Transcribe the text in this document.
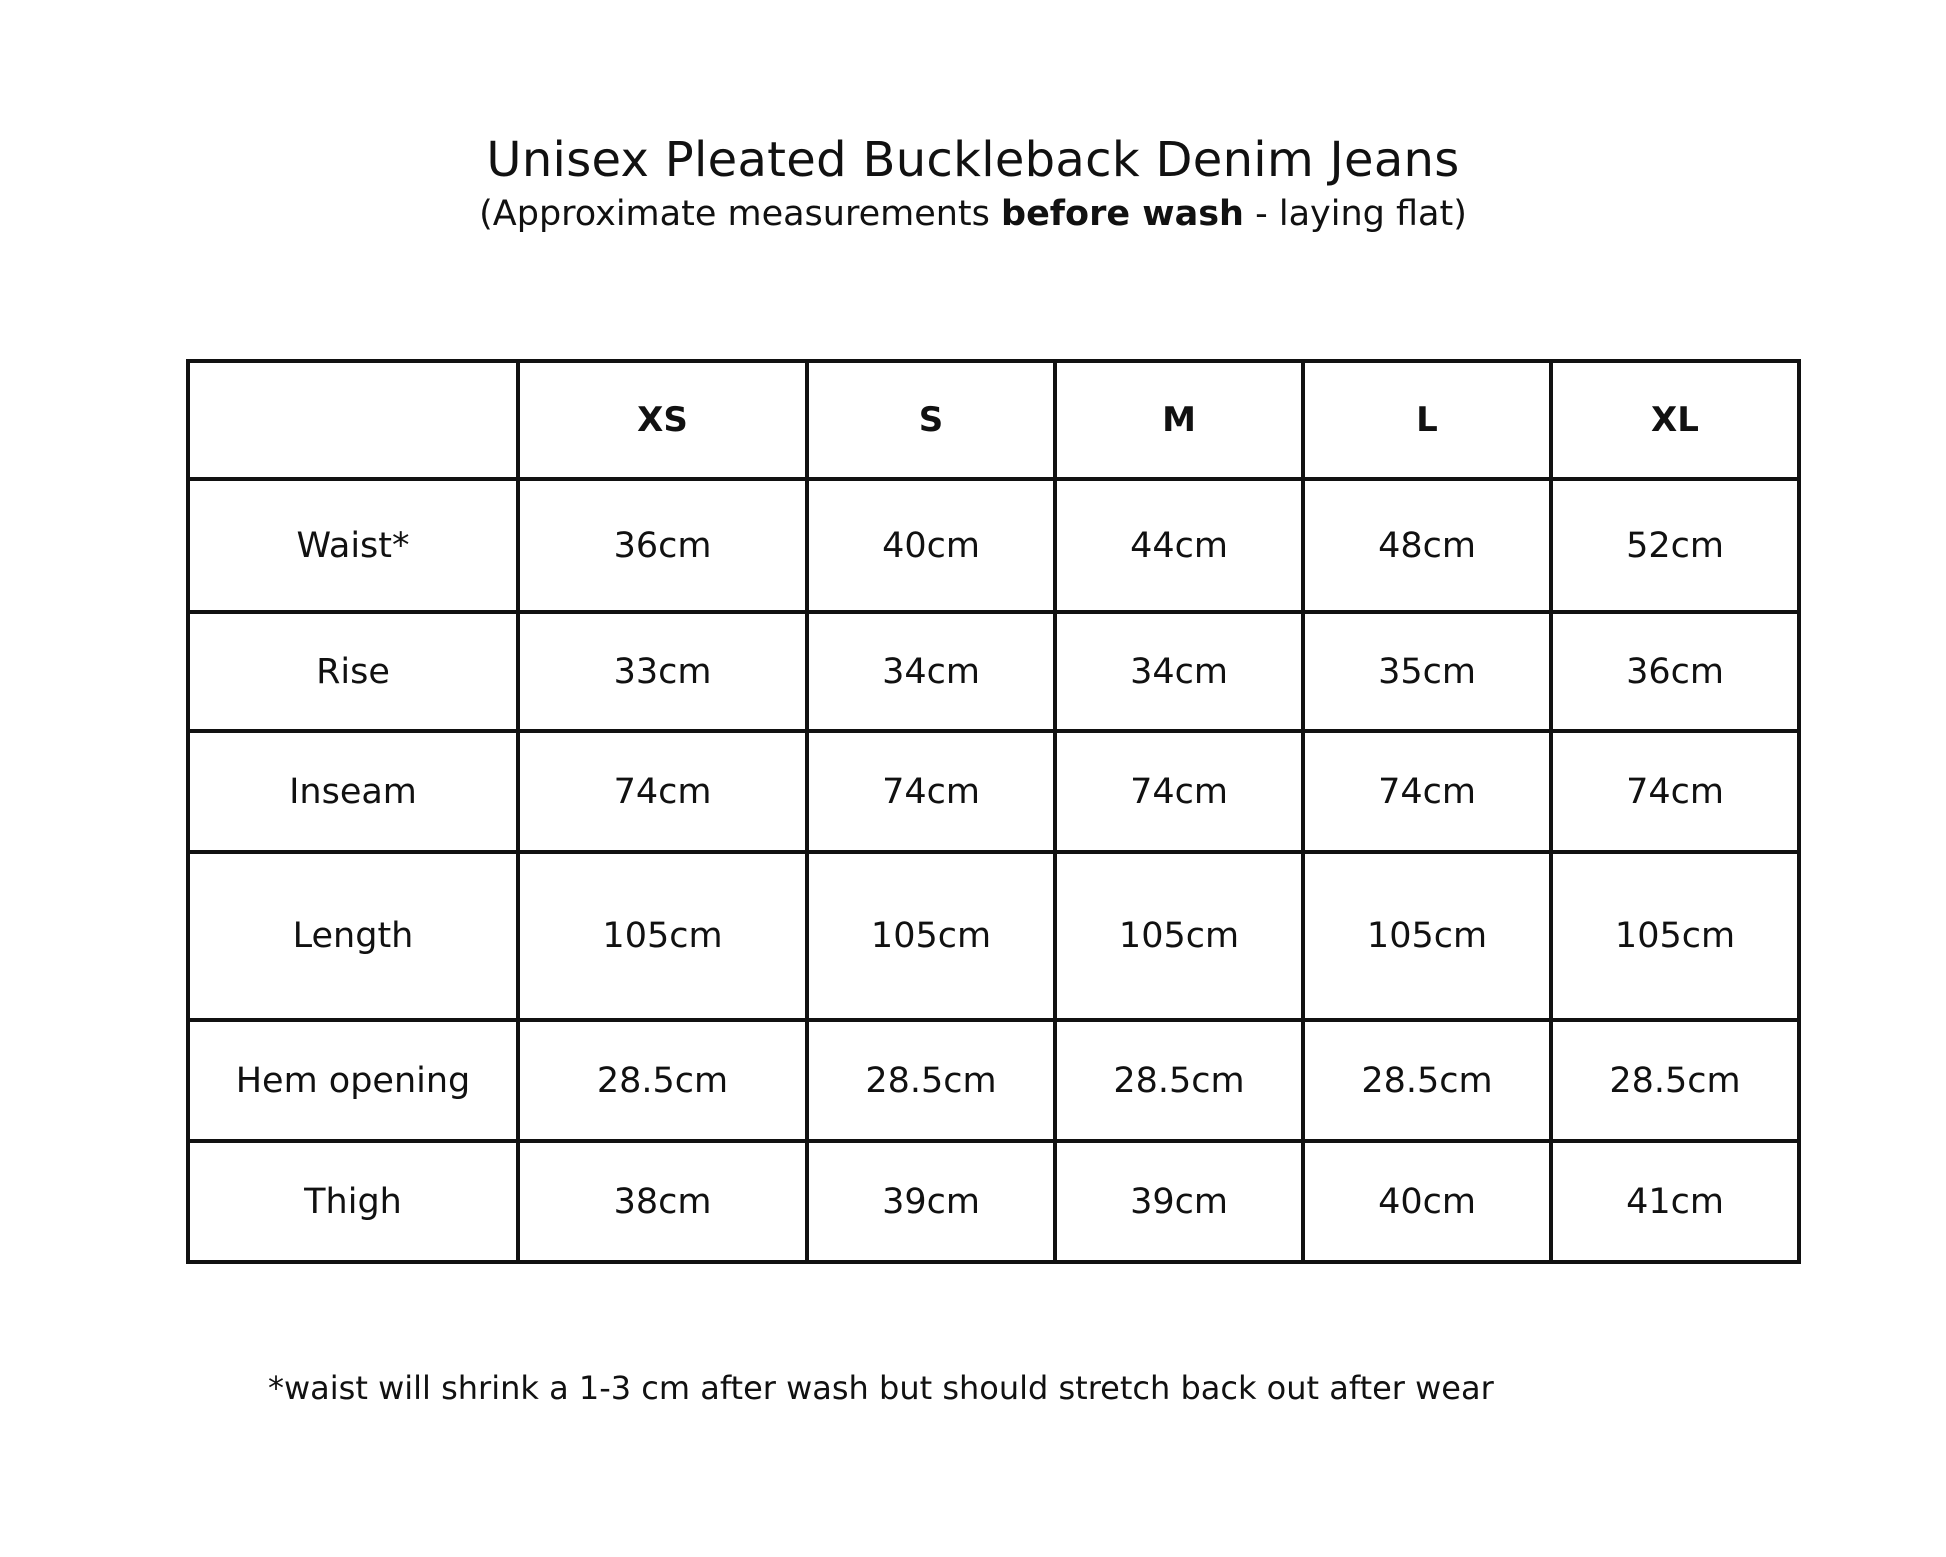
Unisex Pleated Buckleback Denim Jeans

(Approximate measurements before wash - laying flat)

	XS	S	M	L	XL
Waist*	36cm	40cm	44cm	48cm	52cm
Rise	33cm	34cm	34cm	35cm	36cm
Inseam	74cm	74cm	74cm	74cm	74cm
Length	105cm	105cm	105cm	105cm	105cm
Hem opening	28.5cm	28.5cm	28.5cm	28.5cm	28.5cm
Thigh	38cm	39cm	39cm	40cm	41cm

*waist will shrink a 1-3 cm after wash but should stretch back out after wear
